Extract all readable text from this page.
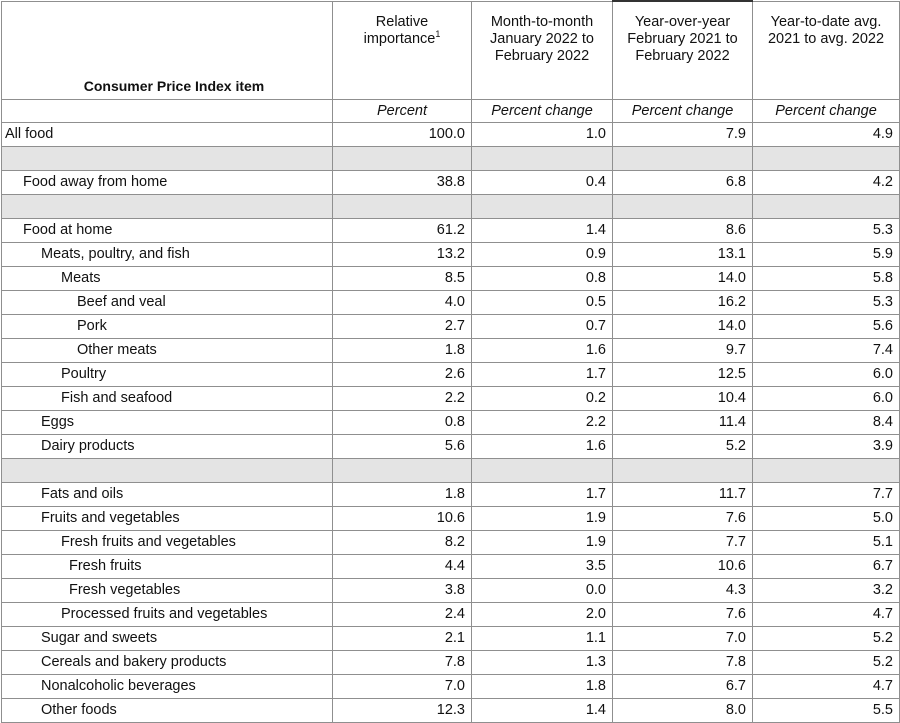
Consumer Price Index item	Relative importance$^1$	Month-to-month January 2022 to February 2022	Year-over-year February 2021 to February 2022	Year-to-date avg. 2021 to avg. 2022
	Percent	Percent change	Percent change	Percent change
All food	100.0	1.0	7.9	4.9

Food away from home	38.8	0.4	6.8	4.2

Food at home	61.2	1.4	8.6	5.3
Meats, poultry, and fish	13.2	0.9	13.1	5.9
Meats	8.5	0.8	14.0	5.8
Beef and veal	4.0	0.5	16.2	5.3
Pork	2.7	0.7	14.0	5.6
Other meats	1.8	1.6	9.7	7.4
Poultry	2.6	1.7	12.5	6.0
Fish and seafood	2.2	0.2	10.4	6.0
Eggs	0.8	2.2	11.4	8.4
Dairy products	5.6	1.6	5.2	3.9

Fats and oils	1.8	1.7	11.7	7.7
Fruits and vegetables	10.6	1.9	7.6	5.0
Fresh fruits and vegetables	8.2	1.9	7.7	5.1
Fresh fruits	4.4	3.5	10.6	6.7
Fresh vegetables	3.8	0.0	4.3	3.2
Processed fruits and vegetables	2.4	2.0	7.6	4.7
Sugar and sweets	2.1	1.1	7.0	5.2
Cereals and bakery products	7.8	1.3	7.8	5.2
Nonalcoholic beverages	7.0	1.8	6.7	4.7
Other foods	12.3	1.4	8.0	5.5
